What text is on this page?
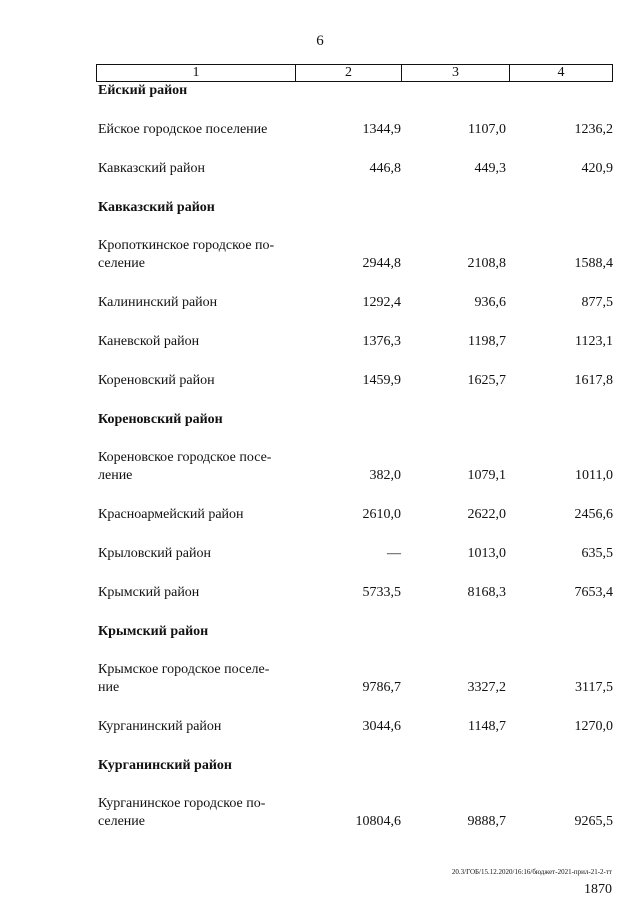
6
1	2	3	4
Ейский район
Ейское городское поселение	1344,9	1107,0	1236,2
Кавказский район	446,8	449,3	420,9
Кавказский район
Кропоткинское городское по-
селение	2944,8	2108,8	1588,4
Калининский район	1292,4	936,6	877,5
Каневской район	1376,3	1198,7	1123,1
Кореновский район	1459,9	1625,7	1617,8
Кореновский район
Кореновское городское посе-
ление	382,0	1079,1	1011,0
Красноармейский район	2610,0	2622,0	2456,6
Крыловский район	—	1013,0	635,5
Крымский район	5733,5	8168,3	7653,4
Крымский район
Крымское городское поселе-
ние	9786,7	3327,2	3117,5
Курганинский район	3044,6	1148,7	1270,0
Курганинский район
Курганинское городское по-
селение	10804,6	9888,7	9265,5
20.3/ГОБ/15.12.2020/16:16/бюджет-2021-прил-21-2-тт
1870
